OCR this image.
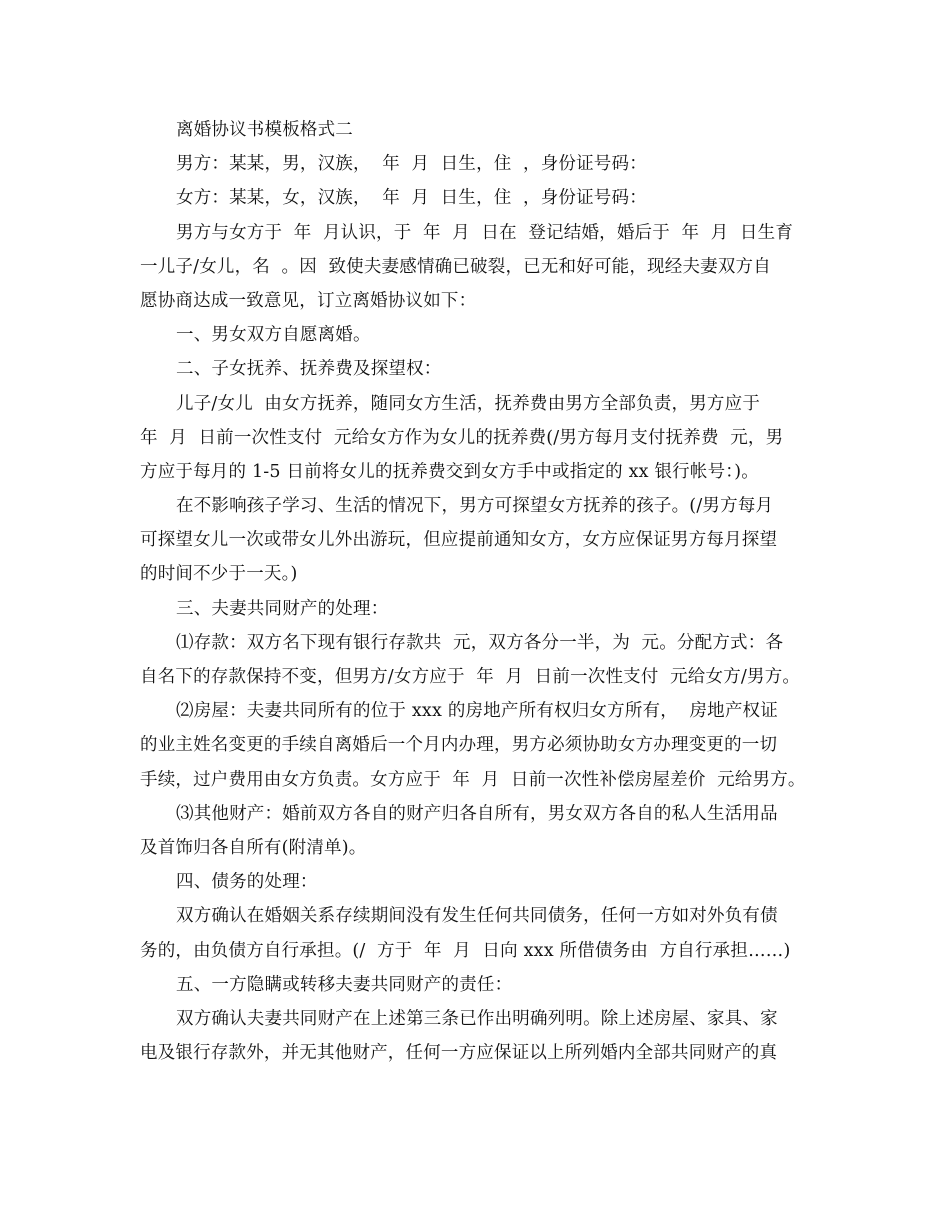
离婚协议书模板格式二
男方：某某，男，汉族，  年  月  日生，住  ，身份证号码：
女方：某某，女，汉族，  年  月  日生，住  ，身份证号码：
男方与女方于  年  月认识，于  年  月  日在  登记结婚，婚后于  年  月  日生育
一儿子/女儿，名  。因  致使夫妻感情确已破裂，已无和好可能，现经夫妻双方自
愿协商达成一致意见，订立离婚协议如下：
一、男女双方自愿离婚。
二、子女抚养、抚养费及探望权：
儿子/女儿  由女方抚养，随同女方生活，抚养费由男方全部负责，男方应于
年  月  日前一次性支付  元给女方作为女儿的抚养费(/男方每月支付抚养费  元，男
方应于每月的 1-5 日前将女儿的抚养费交到女方手中或指定的 xx 银行帐号：)。
在不影响孩子学习、生活的情况下，男方可探望女方抚养的孩子。(/男方每月
可探望女儿一次或带女儿外出游玩，但应提前通知女方，女方应保证男方每月探望
的时间不少于一天。)
三、夫妻共同财产的处理：
⑴存款：双方名下现有银行存款共  元，双方各分一半，为  元。分配方式：各
自名下的存款保持不变，但男方/女方应于  年  月  日前一次性支付  元给女方/男方。
⑵房屋：夫妻共同所有的位于 xxx 的房地产所有权归女方所有，  房地产权证
的业主姓名变更的手续自离婚后一个月内办理，男方必须协助女方办理变更的一切
手续，过户费用由女方负责。女方应于  年  月  日前一次性补偿房屋差价  元给男方。
⑶其他财产：婚前双方各自的财产归各自所有，男女双方各自的私人生活用品
及首饰归各自所有(附清单)。
四、债务的处理：
双方确认在婚姻关系存续期间没有发生任何共同债务，任何一方如对外负有债
务的，由负债方自行承担。(/  方于  年  月  日向 xxx 所借债务由  方自行承担……)
五、一方隐瞒或转移夫妻共同财产的责任：
双方确认夫妻共同财产在上述第三条已作出明确列明。除上述房屋、家具、家
电及银行存款外，并无其他财产，任何一方应保证以上所列婚内全部共同财产的真
